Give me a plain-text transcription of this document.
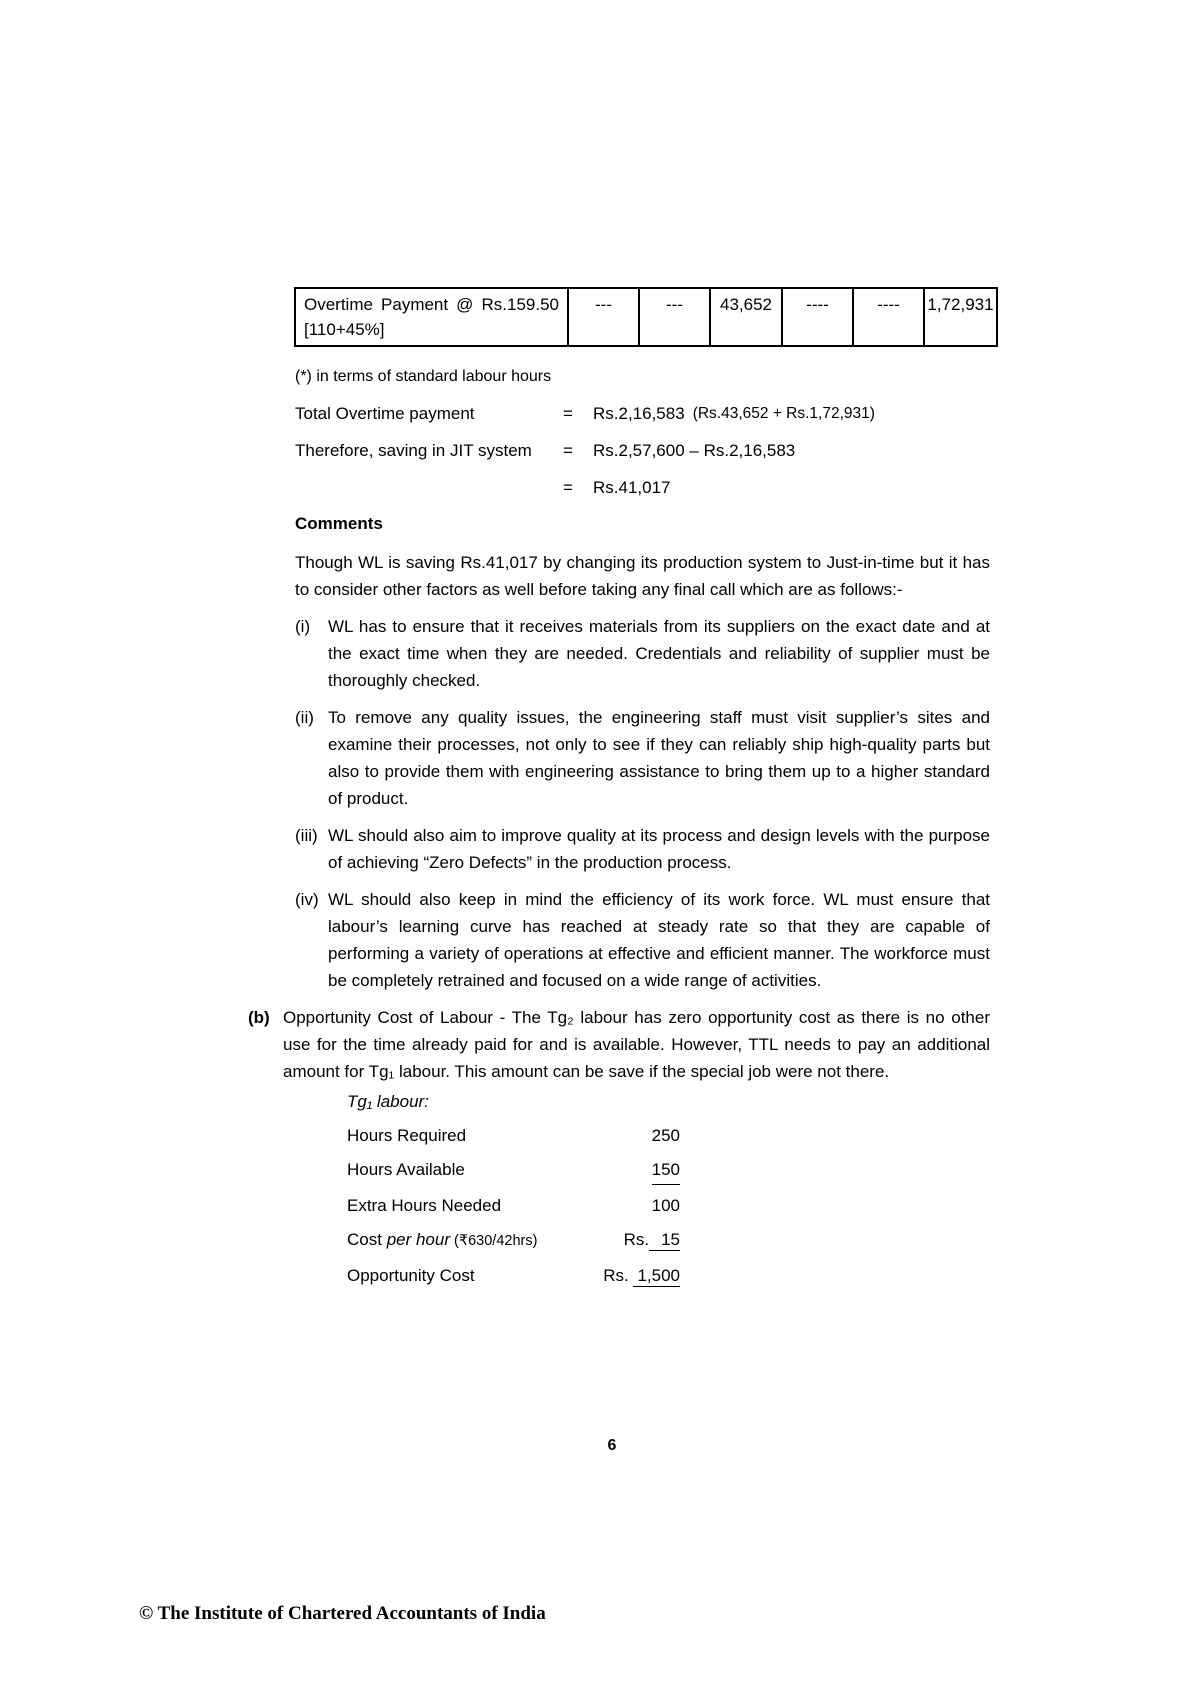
Overtime Payment @ Rs.159.50
[110+45%]
---	---	43,652	----	----	1,72,931
(*) in terms of standard labour hours
Total Overtime payment	=	Rs.2,16,583 (Rs.43,652 + Rs.1,72,931)
Therefore, saving in JIT system	=	Rs.2,57,600 – Rs.2,16,583
=	Rs.41,017
Comments
Though WL is saving Rs.41,017 by changing its production system to Just-in-time but it has to consider other factors as well before taking any final call which are as follows:-
(i) WL has to ensure that it receives materials from its suppliers on the exact date and at the exact time when they are needed. Credentials and reliability of supplier must be thoroughly checked.
(ii) To remove any quality issues, the engineering staff must visit supplier’s sites and examine their processes, not only to see if they can reliably ship high-quality parts but also to provide them with engineering assistance to bring them up to a higher standard of product.
(iii) WL should also aim to improve quality at its process and design levels with the purpose of achieving “Zero Defects” in the production process.
(iv) WL should also keep in mind the efficiency of its work force. WL must ensure that labour’s learning curve has reached at steady rate so that they are capable of performing a variety of operations at effective and efficient manner. The workforce must be completely retrained and focused on a wide range of activities.
(b) Opportunity Cost of Labour - The Tg₂ labour has zero opportunity cost as there is no other use for the time already paid for and is available. However, TTL needs to pay an additional amount for Tg₁ labour. This amount can be save if the special job were not there.
Tg₁ labour:
Hours Required	250
Hours Available	150
Extra Hours Needed	100
Cost per hour (₹630/42hrs)	Rs. 15
Opportunity Cost	Rs. 1,500
6
© The Institute of Chartered Accountants of India
